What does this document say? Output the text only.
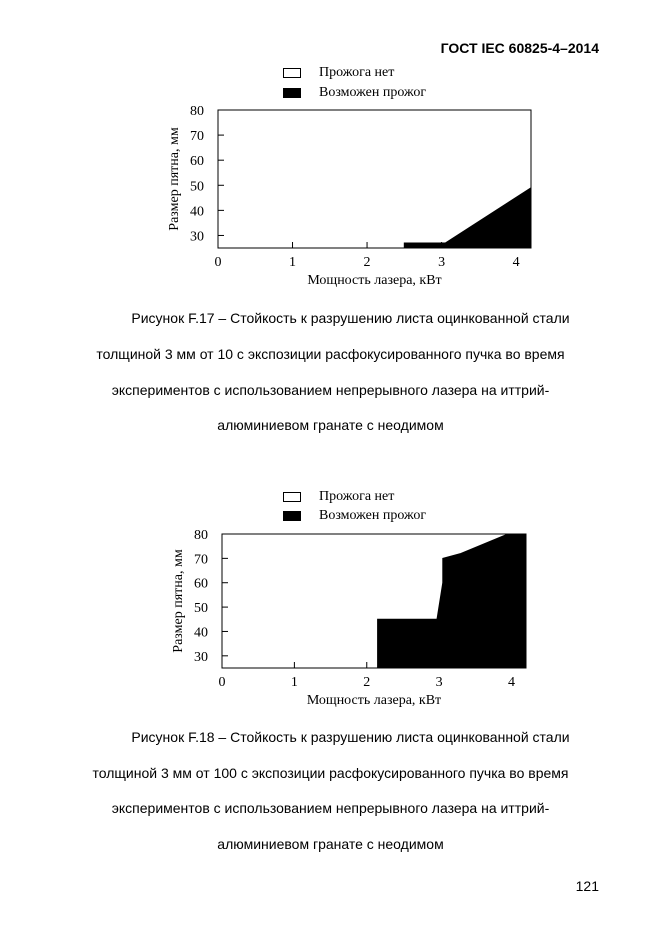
ГОСТ IEC 60825-4–2014
Прожога нет
Возможен прожог
30
40
50
60
70
80
0	1	2	3	4
Мощность лазера, кВт
Размер пятна, мм
Рисунок F.17 – Стойкость к разрушению листа оцинкованной стали
толщиной 3 мм от 10 с экспозиции расфокусированного пучка во время
экспериментов с использованием непрерывного лазера на иттрий-
алюминиевом гранате с неодимом
Прожога нет
Возможен прожог
30
40
50
60
70
80
0	1	2	3	4
Мощность лазера, кВт
Размер пятна, мм
Рисунок F.18 – Стойкость к разрушению листа оцинкованной стали
толщиной 3 мм от 100 с экспозиции расфокусированного пучка во время
экспериментов с использованием непрерывного лазера на иттрий-
алюминиевом гранате с неодимом
121
